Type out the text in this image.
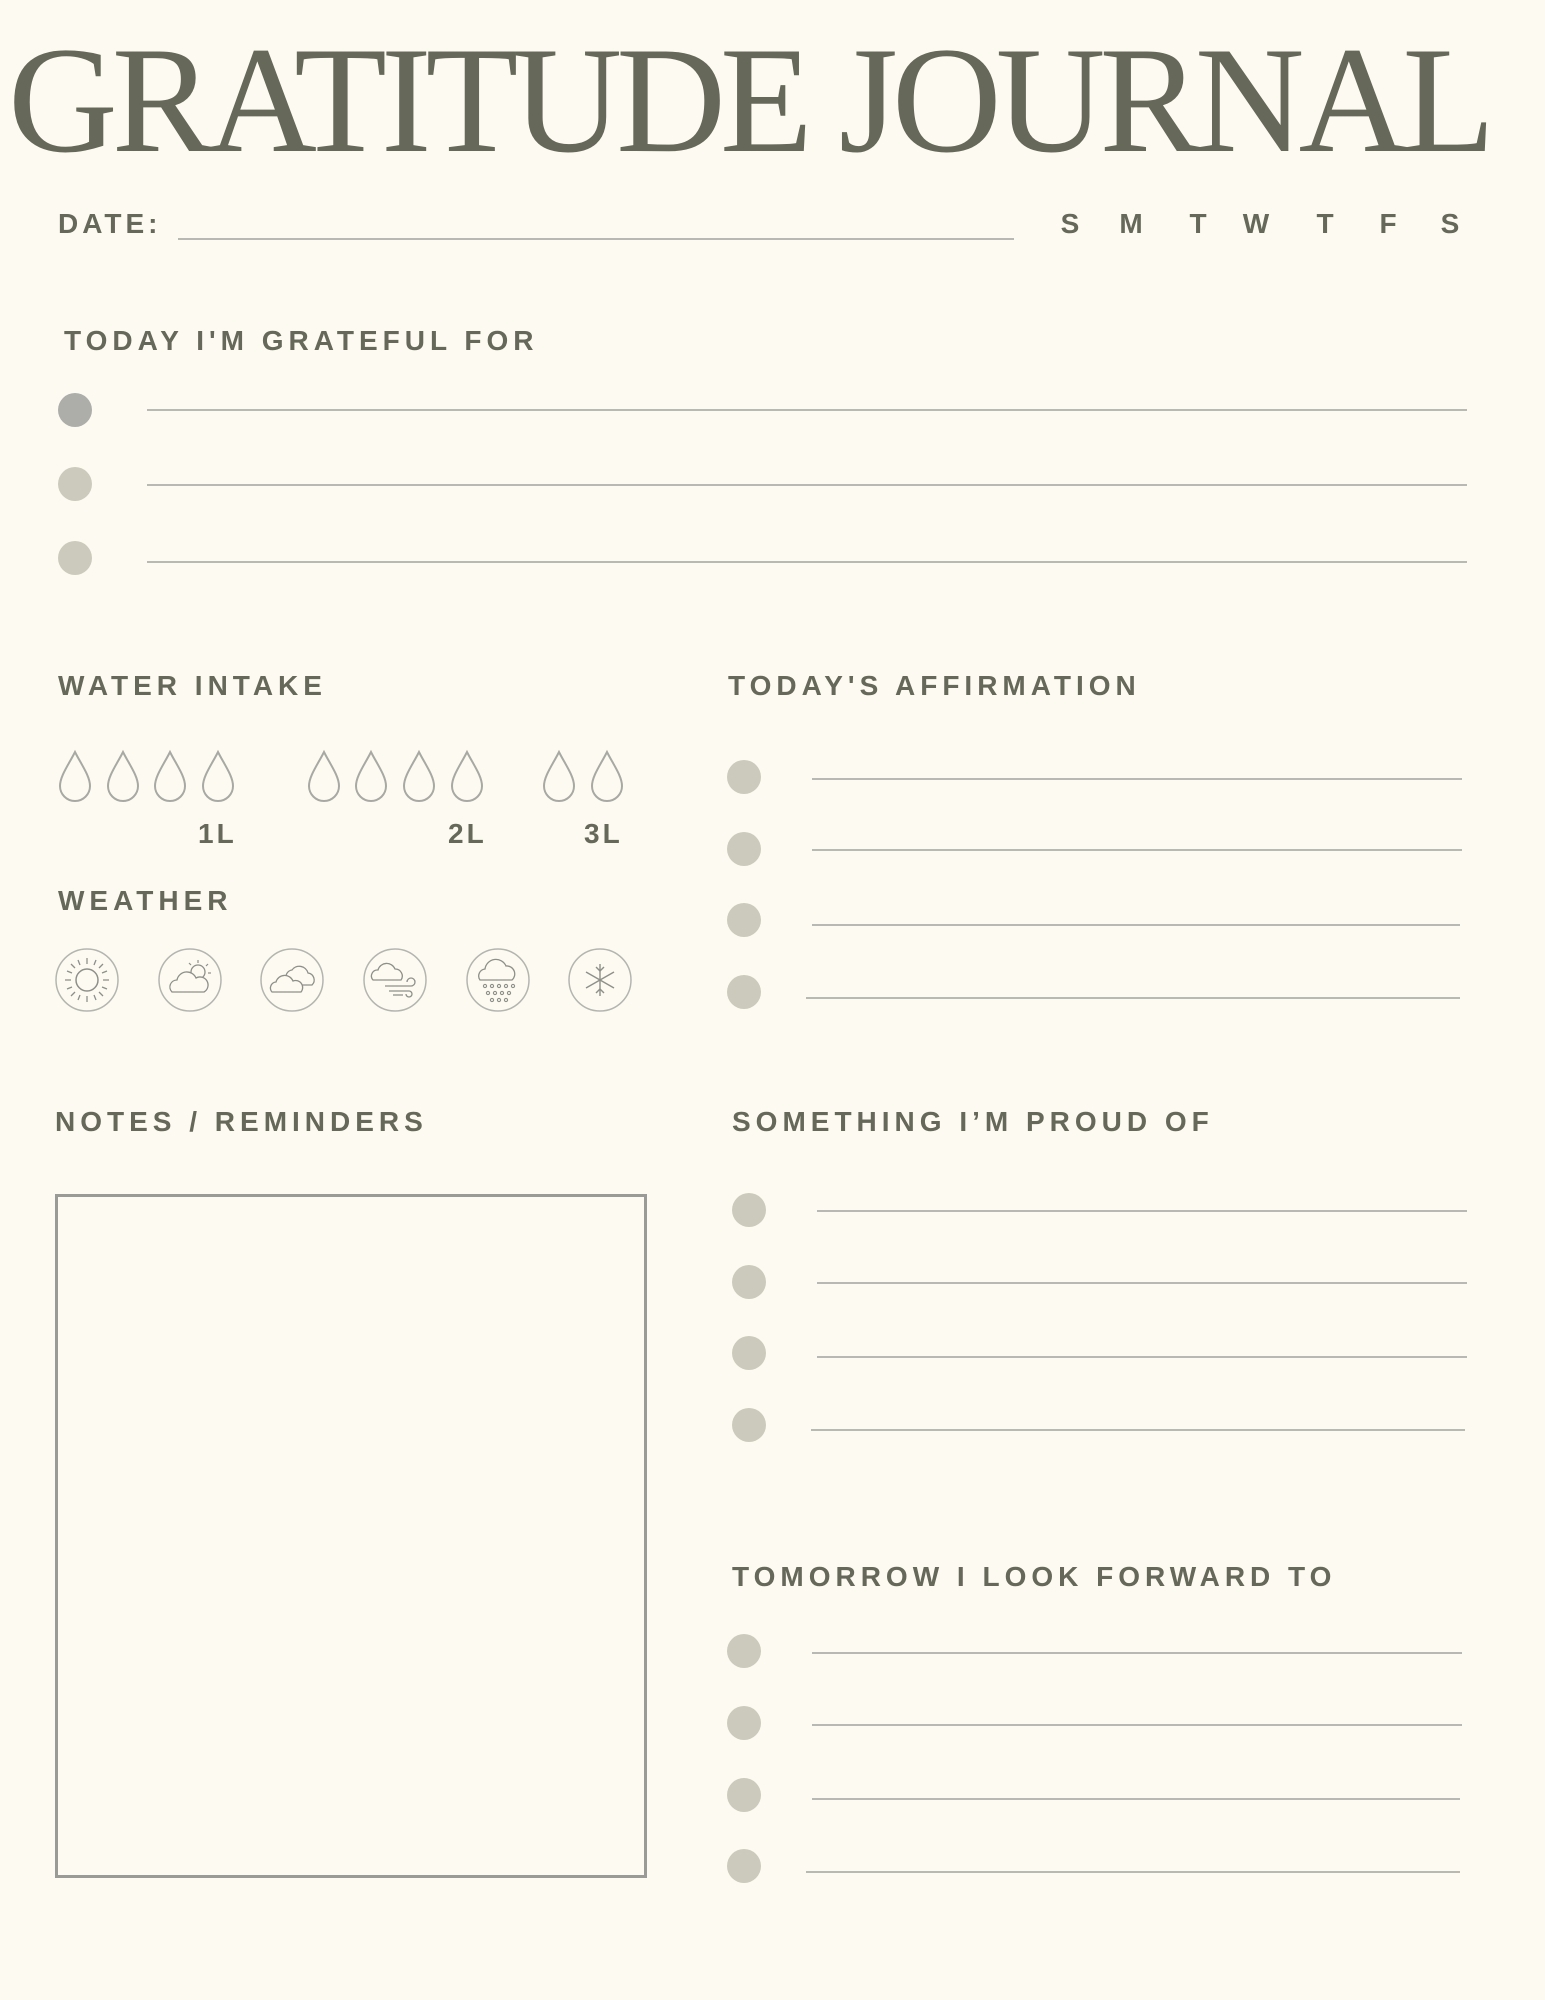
GRATITUDE JOURNAL
DATE:	S	M	T	W	T	F	S
TODAY I'M GRATEFUL FOR
WATER INTAKE
1L	2L	3L
WEATHER
TODAY'S AFFIRMATION
NOTES / REMINDERS	SOMETHING I’M PROUD OF
TOMORROW I LOOK FORWARD TO
